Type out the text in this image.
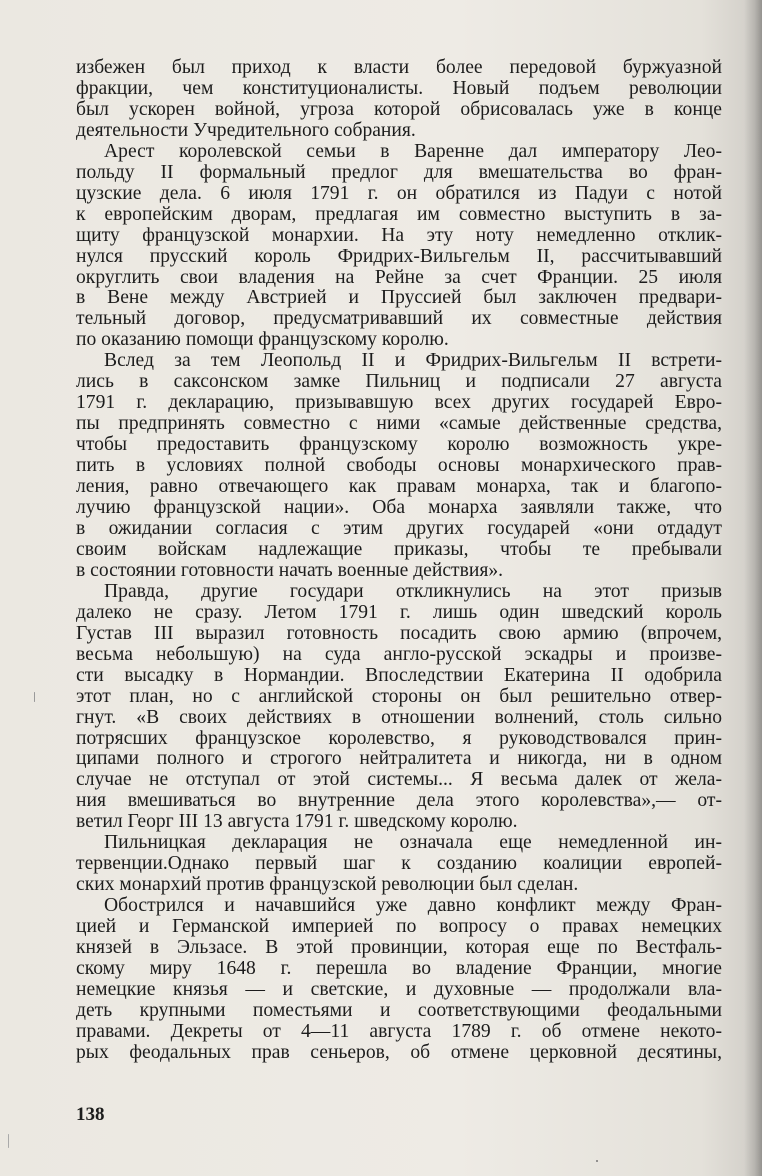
избежен был приход к власти более передовой буржуазной
фракции, чем конституционалисты. Новый подъем революции
был ускорен войной, угроза которой обрисовалась уже в конце
деятельности Учредительного собрания.
Арест королевской семьи в Варенне дал императору Лео-
польду II формальный предлог для вмешательства во фран-
цузские дела. 6 июля 1791 г. он обратился из Падуи с нотой
к европейским дворам, предлагая им совместно выступить в за-
щиту французской монархии. На эту ноту немедленно отклик-
нулся прусский король Фридрих-Вильгельм II, рассчитывавший
округлить свои владения на Рейне за счет Франции. 25 июля
в Вене между Австрией и Пруссией был заключен предвари-
тельный договор, предусматривавший их совместные действия
по оказанию помощи французскому королю.
Вслед за тем Леопольд II и Фридрих-Вильгельм II встрети-
лись в саксонском замке Пильниц и подписали 27 августа
1791 г. декларацию, призывавшую всех других государей Евро-
пы предпринять совместно с ними «самые действенные средства,
чтобы предоставить французскому королю возможность укре-
пить в условиях полной свободы основы монархического прав-
ления, равно отвечающего как правам монарха, так и благопо-
лучию французской нации». Оба монарха заявляли также, что
в ожидании согласия с этим других государей «они отдадут
своим войскам надлежащие приказы, чтобы те пребывали
в состоянии готовности начать военные действия».
Правда, другие государи откликнулись на этот призыв
далеко не сразу. Летом 1791 г. лишь один шведский король
Густав III выразил готовность посадить свою армию (впрочем,
весьма небольшую) на суда англо-русской эскадры и произве-
сти высадку в Нормандии. Впоследствии Екатерина II одобрила
этот план, но с английской стороны он был решительно отвер-
гнут. «В своих действиях в отношении волнений, столь сильно
потрясших французское королевство, я руководствовался прин-
ципами полного и строгого нейтралитета и никогда, ни в одном
случае не отступал от этой системы... Я весьма далек от жела-
ния вмешиваться во внутренние дела этого королевства»,— от-
ветил Георг III 13 августа 1791 г. шведскому королю.
Пильницкая декларация не означала еще немедленной ин-
тервенции.Однако первый шаг к созданию коалиции европей-
ских монархий против французской революции был сделан.
Обострился и начавшийся уже давно конфликт между Фран-
цией и Германской империей по вопросу о правах немецких
князей в Эльзасе. В этой провинции, которая еще по Вестфаль-
скому миру 1648 г. перешла во владение Франции, многие
немецкие князья — и светские, и духовные — продолжали вла-
деть крупными поместьями и соответствующими феодальными
правами. Декреты от 4—11 августа 1789 г. об отмене некото-
рых феодальных прав сеньеров, об отмене церковной десятины,
138
